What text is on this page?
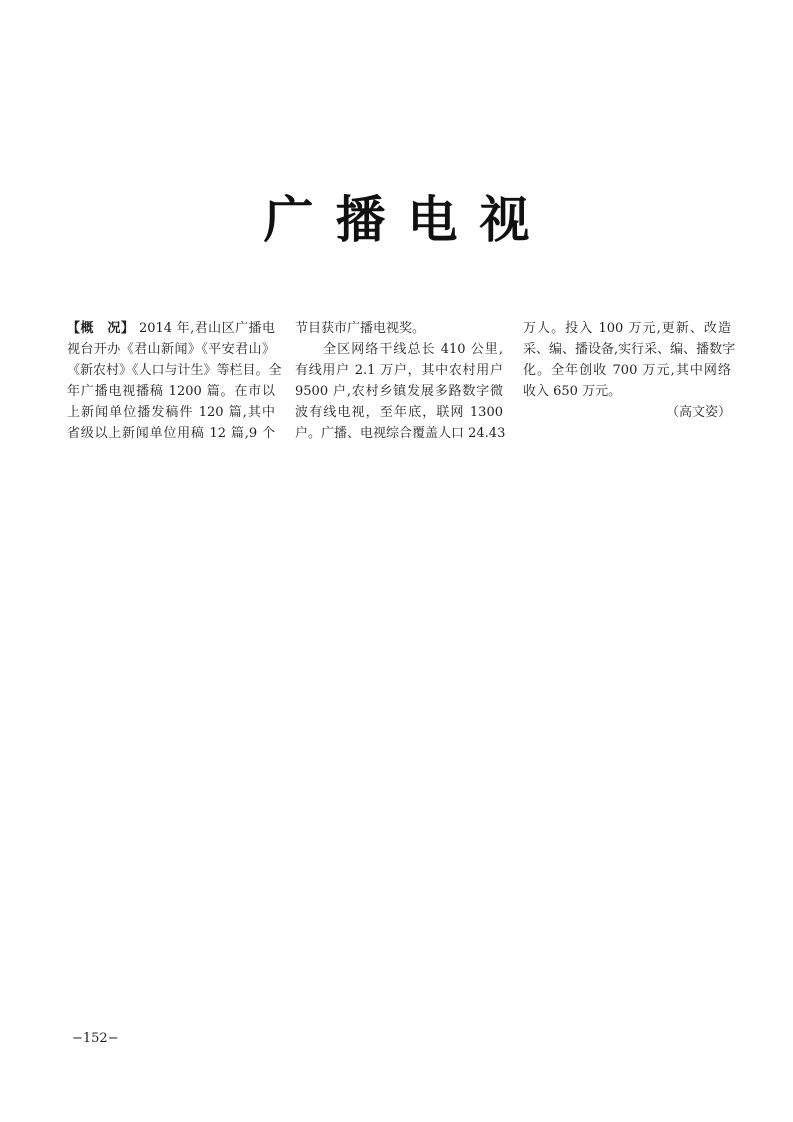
广播电视
【概　况】 2014 年,君山区广播电
视台开办《君山新闻》《平安君山》
《新农村》《人口与计生》等栏目。全
年广播电视播稿 1200 篇。在市以
上新闻单位播发稿件 120 篇,其中
省级以上新闻单位用稿 12 篇,9 个
节目获市广播电视奖。
　　全区网络干线总长 410 公里,
有线用户 2.1 万户，其中农村用户
9500 户,农村乡镇发展多路数字微
波有线电视，至年底，联网 1300
户。广播、电视综合覆盖人口 24.43
万人。投入 100 万元,更新、改造
采、编、播设备,实行采、编、播数字
化。全年创收 700 万元,其中网络
收入 650 万元。
（高文姿）
−152−
